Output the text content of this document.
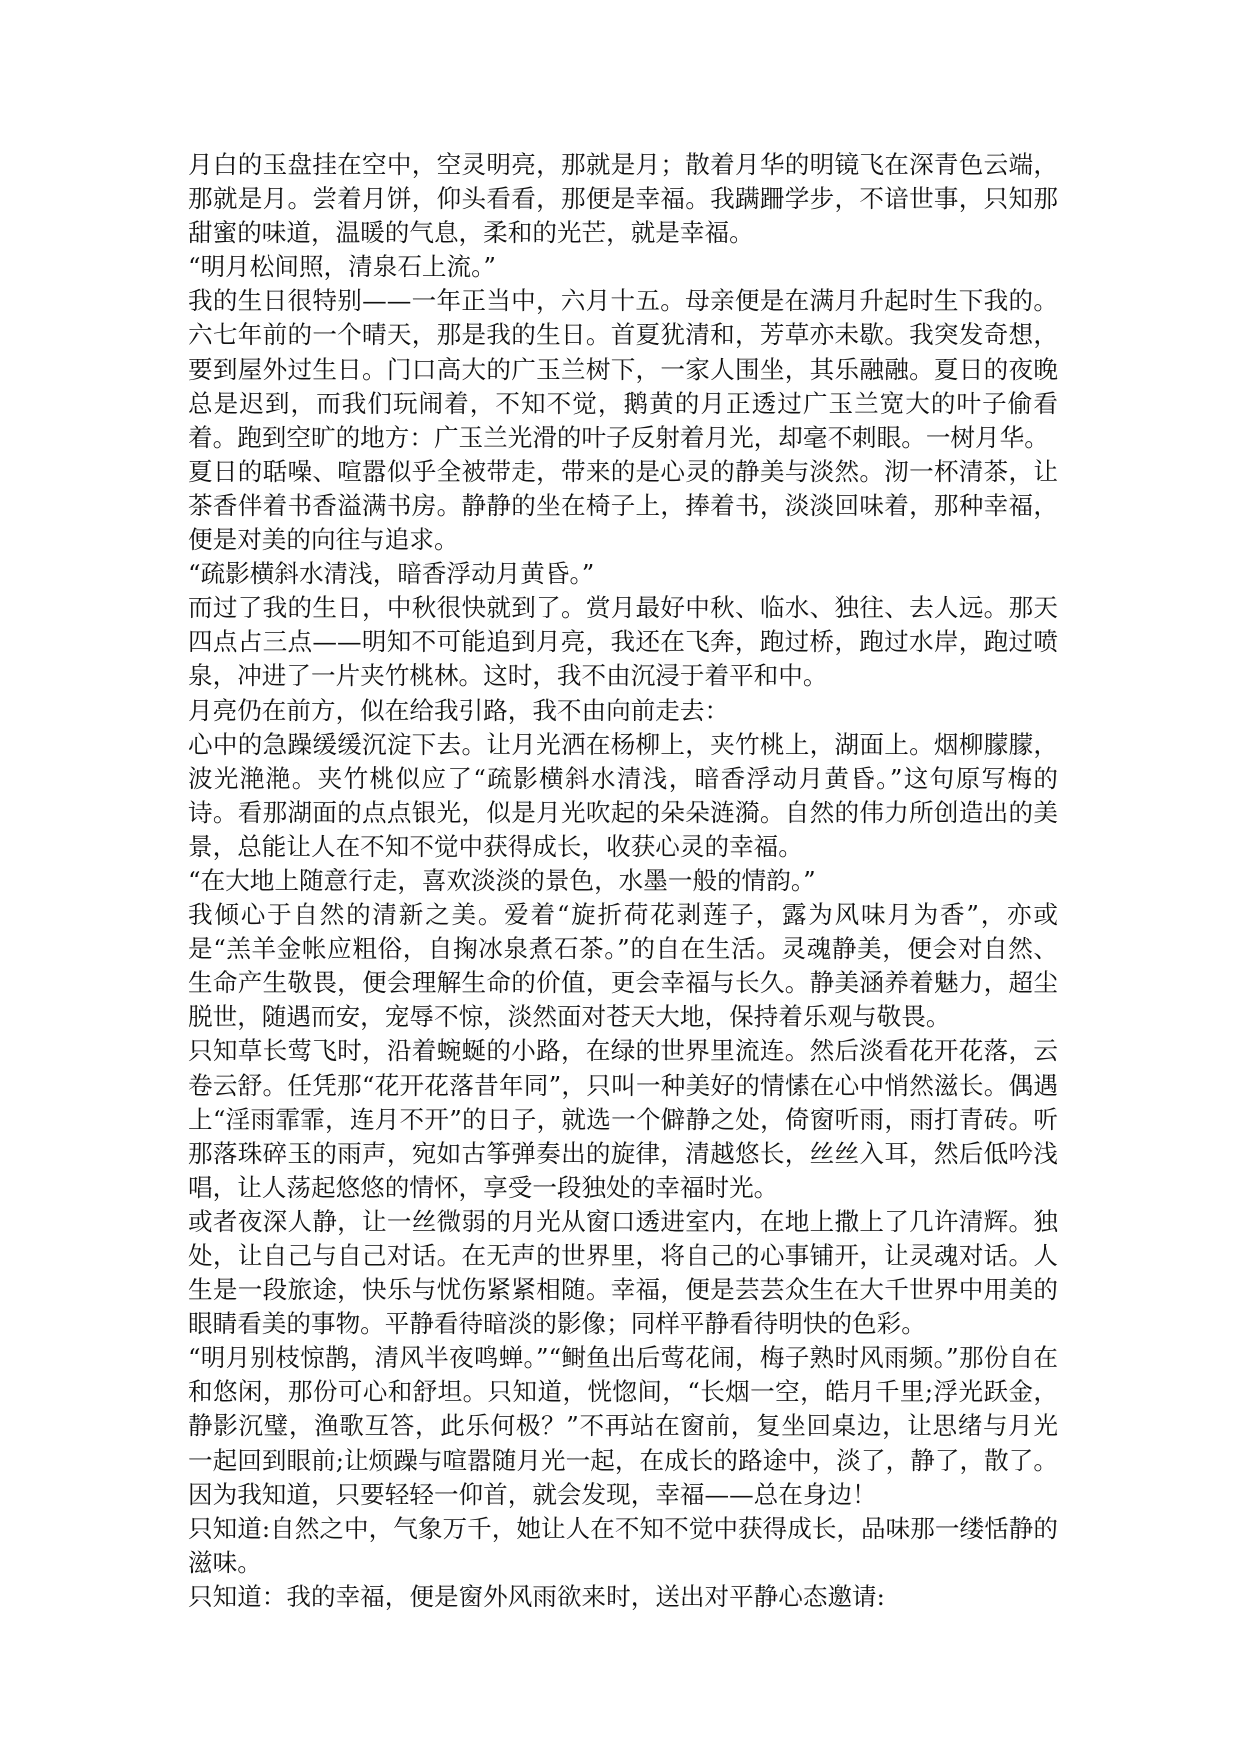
月白的玉盘挂在空中，空灵明亮，那就是月；散着月华的明镜飞在深青色云端，那就是月。尝着月饼，仰头看看，那便是幸福。我蹒跚学步，不谙世事，只知那甜蜜的味道，温暖的气息，柔和的光芒，就是幸福。

“明月松间照，清泉石上流。”

我的生日很特别——一年正当中，六月十五。母亲便是在满月升起时生下我的。六七年前的一个晴天，那是我的生日。首夏犹清和，芳草亦未歇。我突发奇想，要到屋外过生日。门口高大的广玉兰树下，一家人围坐，其乐融融。夏日的夜晚总是迟到，而我们玩闹着，不知不觉，鹅黄的月正透过广玉兰宽大的叶子偷看着。跑到空旷的地方：广玉兰光滑的叶子反射着月光，却毫不刺眼。一树月华。

夏日的聒噪、喧嚣似乎全被带走，带来的是心灵的静美与淡然。沏一杯清茶，让茶香伴着书香溢满书房。静静的坐在椅子上，捧着书，淡淡回味着，那种幸福，便是对美的向往与追求。

“疏影横斜水清浅，暗香浮动月黄昏。”

而过了我的生日，中秋很快就到了。赏月最好中秋、临水、独往、去人远。那天四点占三点——明知不可能追到月亮，我还在飞奔，跑过桥，跑过水岸，跑过喷泉，冲进了一片夹竹桃林。这时，我不由沉浸于着平和中。

月亮仍在前方，似在给我引路，我不由向前走去：

心中的急躁缓缓沉淀下去。让月光洒在杨柳上，夹竹桃上，湖面上。烟柳朦朦，波光滟滟。夹竹桃似应了“疏影横斜水清浅，暗香浮动月黄昏。”这句原写梅的诗。看那湖面的点点银光，似是月光吹起的朵朵涟漪。自然的伟力所创造出的美景，总能让人在不知不觉中获得成长，收获心灵的幸福。

“在大地上随意行走，喜欢淡淡的景色，水墨一般的情韵。”

我倾心于自然的清新之美。爱着“旋折荷花剥莲子，露为风味月为香”，亦或是“羔羊金帐应粗俗，自掬冰泉煮石茶。”的自在生活。灵魂静美，便会对自然、生命产生敬畏，便会理解生命的价值，更会幸福与长久。静美涵养着魅力，超尘脱世，随遇而安，宠辱不惊，淡然面对苍天大地，保持着乐观与敬畏。

只知草长莺飞时，沿着蜿蜒的小路，在绿的世界里流连。然后淡看花开花落，云卷云舒。任凭那“花开花落昔年同”，只叫一种美好的情愫在心中悄然滋长。偶遇上“淫雨霏霏，连月不开”的日子，就选一个僻静之处，倚窗听雨，雨打青砖。听那落珠碎玉的雨声，宛如古筝弹奏出的旋律，清越悠长，丝丝入耳，然后低吟浅唱，让人荡起悠悠的情怀，享受一段独处的幸福时光。

或者夜深人静，让一丝微弱的月光从窗口透进室内，在地上撒上了几许清辉。独处，让自己与自己对话。在无声的世界里，将自己的心事铺开，让灵魂对话。人生是一段旅途，快乐与忧伤紧紧相随。幸福，便是芸芸众生在大千世界中用美的眼睛看美的事物。平静看待暗淡的影像；同样平静看待明快的色彩。

“明月别枝惊鹊，清风半夜鸣蝉。”“鲥鱼出后莺花闹，梅子熟时风雨频。”那份自在和悠闲，那份可心和舒坦。只知道，恍惚间，“长烟一空，皓月千里;浮光跃金，静影沉璧，渔歌互答，此乐何极？”不再站在窗前，复坐回桌边，让思绪与月光一起回到眼前;让烦躁与喧嚣随月光一起，在成长的路途中，淡了，静了，散了。因为我知道，只要轻轻一仰首，就会发现，幸福——总在身边！

只知道:自然之中，气象万千，她让人在不知不觉中获得成长，品味那一缕恬静的滋味。

只知道：我的幸福，便是窗外风雨欲来时，送出对平静心态邀请:
